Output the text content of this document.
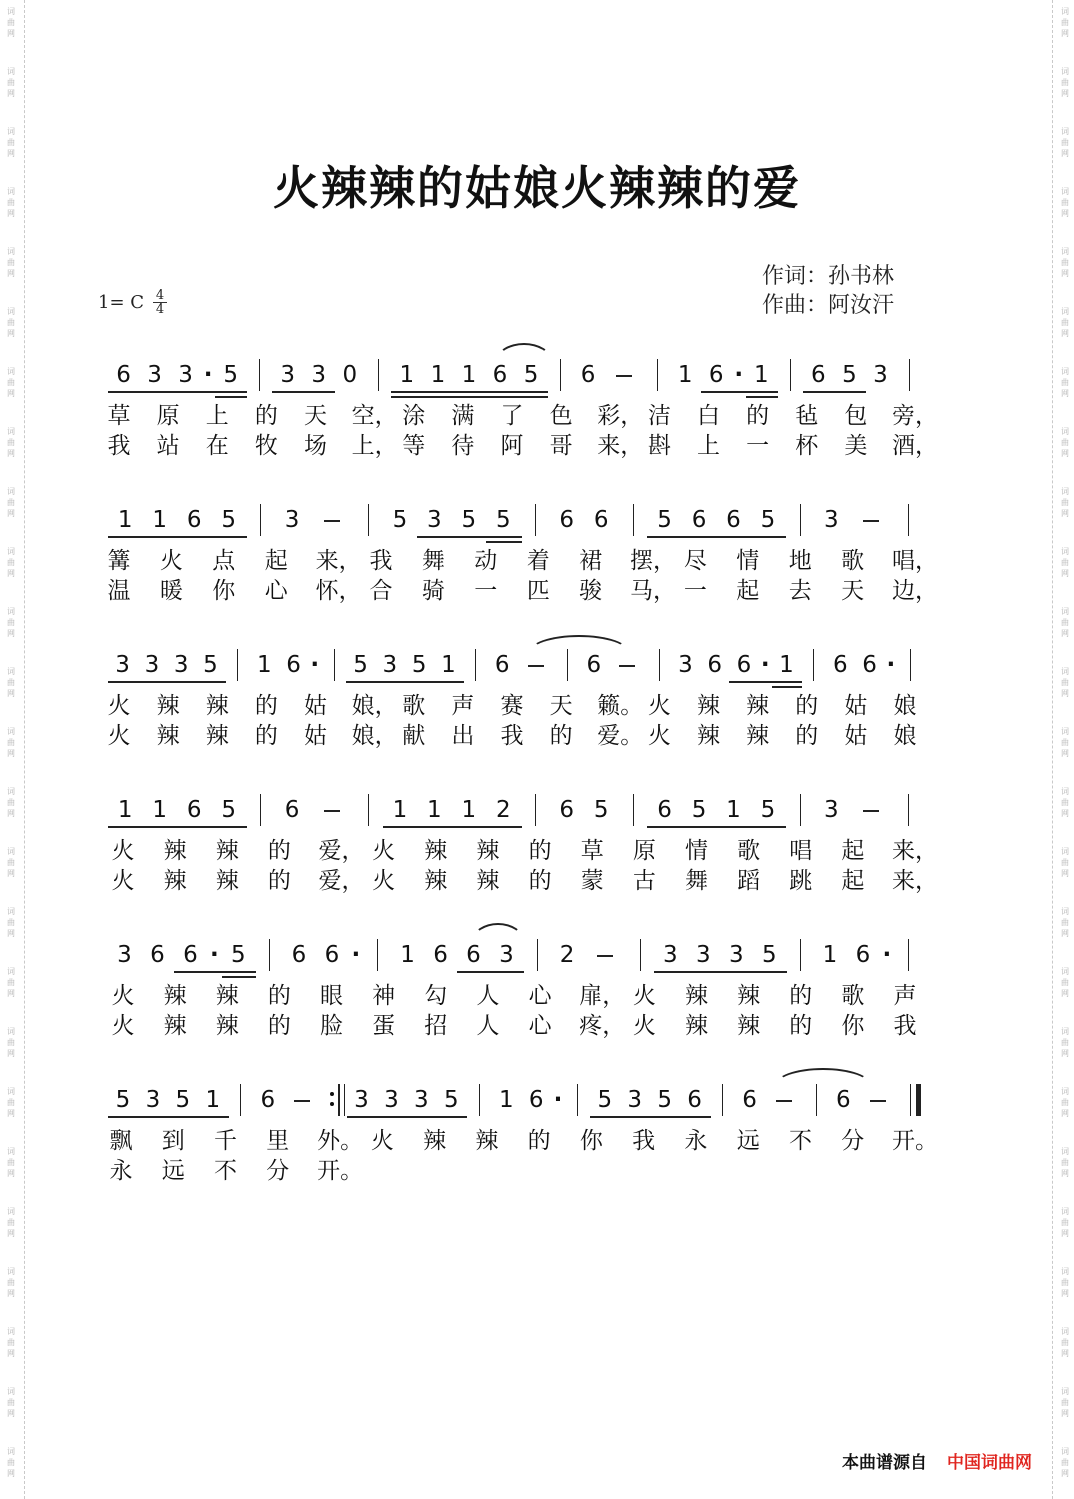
词
曲
网
词
曲
网
词
曲
网
词
曲
网
词
曲
网
词
曲
网
词
曲
网
词
曲
网
词
曲
网
词
曲
网
词
曲
网
词
曲
网
词
曲
网
词
曲
网
词
曲
网
词
曲
网
词
曲
网
词
曲
网
词
曲
网
词
曲
网
词
曲
网
词
曲
网
词
曲
网
词
曲
网
词
曲
网
词
曲
网
词
曲
网
词
曲
网
词
曲
网
词
曲
网
词
曲
网
词
曲
网
词
曲
网
词
曲
网
词
曲
网
词
曲
网
词
曲
网
词
曲
网
词
曲
网
词
曲
网
词
曲
网
词
曲
网
词
曲
网
词
曲
网
词
曲
网
词
曲
网
词
曲
网
词
曲
网
词
曲
网
词
曲
网
火辣辣的姑娘火辣辣的爱
作词：孙书林
作曲：阿汝汗
1= C $\frac{4}{4}$
6 3 3 · 5 3 3 0 1 1 1 6 5 6	1 6 · 1 6 5 3
草 原 上 的 天 空， 涂 满 了 色 彩， 洁 白 的 毡 包 旁，
我 站 在 牧 场 上， 等 待 阿 哥 来， 斟 上 一 杯 美 酒，
1 1 6 5 3	5 3 5 5 6 6 5 6 6 5 3
篝 火 点 起 来， 我 舞 动 着 裙 摆， 尽 情 地 歌 唱，
温 暖 你 心 怀， 合 骑 一 匹 骏 马， 一 起 去 天 边，
3 3 3 5 1 6 · 5 3 5 1 6	6	3 6 6 · 1 6 6 ·
火 辣 辣 的 姑 娘， 歌 声 赛 天 籁。 火 辣 辣 的 姑 娘
火 辣 辣 的 姑 娘， 献 出 我 的 爱。 火 辣 辣 的 姑 娘
1 1 6 5 6	1 1 1 2 6 5 6 5 1 5 3
火 辣 辣 的 爱， 火 辣 辣 的 草 原 情 歌 唱 起 来，
火 辣 辣 的 爱， 火 辣 辣 的 蒙 古 舞 蹈 跳 起 来，
3 6 6 · 5 6 6 · 1 6 6 3 2	3 3 3 5 1 6 ·
火 辣 辣 的 眼 神 勾 人 心 扉， 火 辣 辣 的 歌 声
火 辣 辣 的 脸 蛋 招 人 心 疼， 火 辣 辣 的 你 我
5 3 5 1 6	3 3 3 5 1 6 · 5 3 5 6 6	6
飘 到 千 里 外。 火 辣 辣 的 你 我 永 远 不 分 开。
永 远 不 分 开。
本曲谱源自 中国词曲网
